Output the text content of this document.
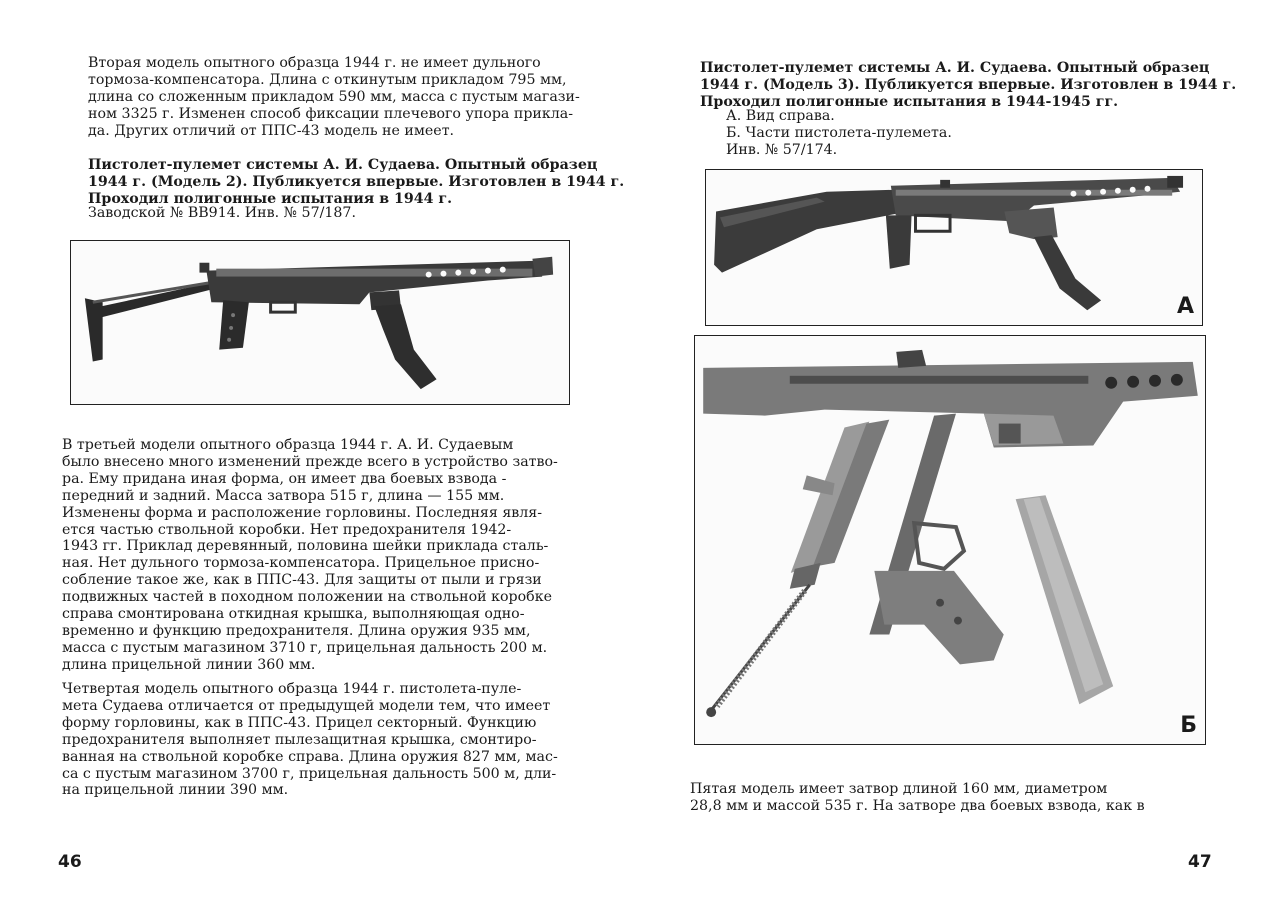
Вторая модель опытного образца 1944 г. не имеет дульного
тормоза-компенсатора. Длина с откинутым прикладом 795 мм,
длина со сложенным прикладом 590 мм, масса с пустым магази-
ном 3325 г. Изменен способ фиксации плечевого упора прикла-
да. Других отличий от ППС-43 модель не имеет.

Пистолет-пулемет системы А. И. Судаева. Опытный образец
1944 г. (Модель 2). Публикуется впервые. Изготовлен в 1944 г.
Проходил полигонные испытания в 1944 г.

Заводской № ВВ914. Инв. № 57/187.

В третьей модели опытного образца 1944 г. А. И. Судаевым
было внесено много изменений прежде всего в устройство затво-
ра. Ему придана иная форма, он имеет два боевых взвода -
передний и задний. Масса затвора 515 г, длина — 155 мм.
Изменены форма и расположение горловины. Последняя явля-
ется частью ствольной коробки. Нет предохранителя 1942-
1943 гг. Приклад деревянный, половина шейки приклада сталь-
ная. Нет дульного тормоза-компенсатора. Прицельное присно-
собление такое же, как в ППС-43. Для защиты от пыли и грязи
подвижных частей в походном положении на ствольной коробке
справа смонтирована откидная крышка, выполняющая одно-
временно и функцию предохранителя. Длина оружия 935 мм,
масса с пустым магазином 3710 г, прицельная дальность 200 м.
длина прицельной линии 360 мм.

Четвертая модель опытного образца 1944 г. пистолета-пуле-
мета Судаева отличается от предыдущей модели тем, что имеет
форму горловины, как в ППС-43. Прицел секторный. Функцию
предохранителя выполняет пылезащитная крышка, смонтиро-
ванная на ствольной коробке справа. Длина оружия 827 мм, мас-
са с пустым магазином 3700 г, прицельная дальность 500 м, дли-
на прицельной линии 390 мм.

46

Пистолет-пулемет системы А. И. Судаева. Опытный образец
1944 г. (Модель 3). Публикуется впервые. Изготовлен в 1944 г.
Проходил полигонные испытания в 1944-1945 гг.

А. Вид справа.
Б. Части пистолета-пулемета.
Инв. № 57/174.

А
Б

Пятая модель имеет затвор длиной 160 мм, диаметром
28,8 мм и массой 535 г. На затворе два боевых взвода, как в

47
